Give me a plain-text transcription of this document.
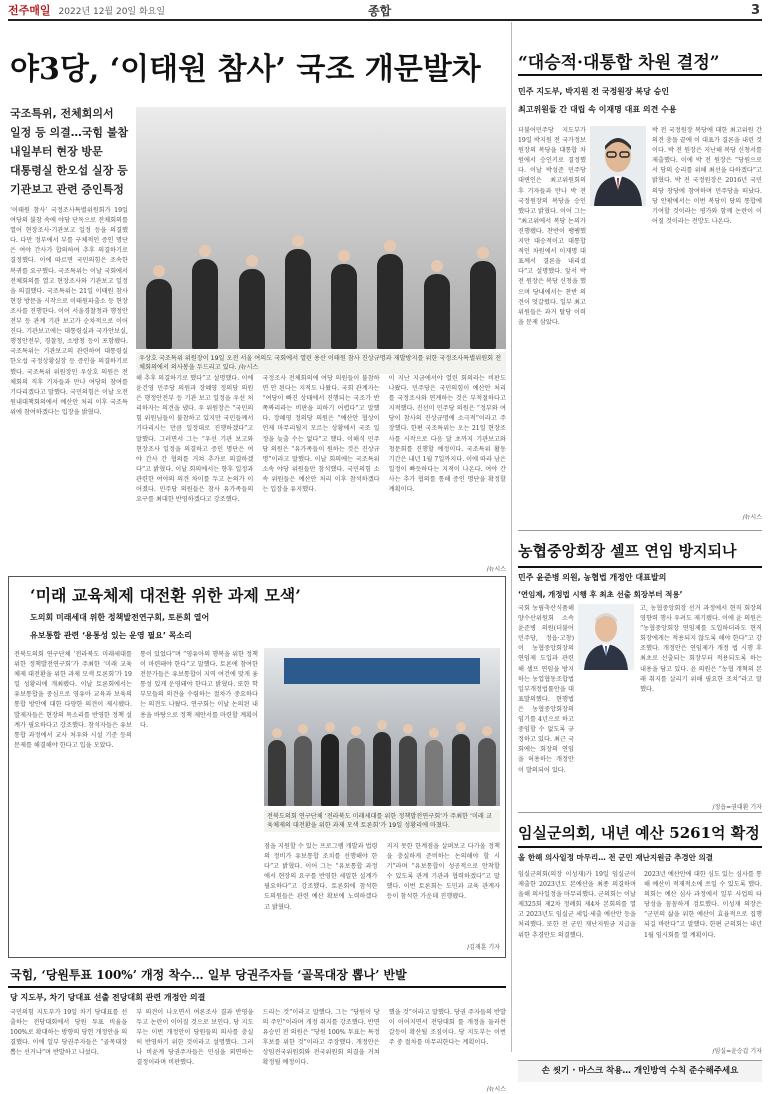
전주매일 2022년 12월 20일 화요일	종합	3
야3당, ‘이태원 참사’ 국조 개문발차
국조특위, 전체회의서
일정 등 의결…국힘 불참
내일부터 현장 방문
대통령실 한오섭 실장 등
기관보고 관련 증인특정
‘이태원 참사’ 국정조사특별위원회가 19일 여당의 불참 속에 야당 단독으로 전체회의를 열어 현장조사·기관보고 일정 등을 의결했다. 다만 정부에서 부를 구체적인 증인 명단은 여야 간사가 합의하여 추후 의결하기로 결정했다. 이에 따르면 국민의힘은 조속한 복귀를 요구했다. 국조특위는 이날 국회에서 전체회의를 열고 현장조사와 기관보고 일정을 의결했다. 국조특위는 21일 이태원 참사 현장 방문을 시작으로 이태원파출소 등 현장조사를 진행한다. 이어 서울경찰청과 행정안전부 등 관계 기관 보고가 순차적으로 이어진다. 기관보고에는 대통령실과 국가안보실, 행정안전부, 경찰청, 소방청 등이 포함됐다. 국조특위는 기관보고의 관련하여 대통령실 한오섭 국정상황실장 등 증인을 의결하기로 했다. 국조특위 위원장인 우상호 의원은 전체회의 직후 기자들과 만나 여당의 참여를 기다리겠다고 말했다. 국민의힘은 이날 오전 원내대책회의에서 예산안 처리 이후 국조특위에 참여하겠다는 입장을 밝혔다.
우상호 국조특위 위원장이 19일 오전 서울 여의도 국회에서 열린 용산 이태원 참사 진상규명과 재발방지를 위한 국정조사특별위원회 전체회의에서 의사봉을 두드리고 있다. /뉴시스
해 추후 의결하기로 했다”고 설명했다. 이에 윤건영 민주당 의원과 장혜영 정의당 의원은 행정안전부 등 기관 보고 일정을 우선 처리하자는 의견을 냈다. 우 위원장은 “국민의힘 위원님들이 불참하고 있지만 국민들께서 기다리시는 만큼 일정대로 진행하겠다”고 말했다. 그러면서 그는 “우선 기관 보고와 현장조사 일정을 의결하고 증인 명단은 여야 간사 간 협의를 거쳐 추가로 의결하겠다”고 밝혔다. 이날 회의에서는 향후 일정과 관련한 여야의 의견 차이를 두고 논의가 이어졌다. 민주당 의원들은 참사 유가족들의 요구를 최대한 반영하겠다고 강조했다.
국정조사 전체회의에 여당 의원들이 불참하면 안 된다는 지적도 나왔다. 국회 관계자는 “여당이 빠진 상태에서 진행되는 국조가 반쪽짜리라는 비판을 피하기 어렵다”고 말했다. 장혜영 정의당 의원은 “예산안 협상이 언제 마무리될지 모르는 상황에서 국조 일정을 늦출 수는 없다”고 했다. 이해식 민주당 의원은 “유가족들이 원하는 것은 진상규명”이라고 말했다. 이날 회의에는 국조특위 소속 야당 위원들만 참석했다. 국민의힘 소속 위원들은 예산안 처리 이후 참석하겠다는 입장을 유지했다.
이 지난 지금에서야 열린 회의라는 비판도 나왔다. 민주당은 국민의힘이 예산안 처리를 국정조사와 연계하는 것은 부적절하다고 지적했다. 진선미 민주당 의원은 “정부와 여당이 참사의 진상규명에 소극적”이라고 주장했다. 한편 국조특위는 오는 21일 현장조사를 시작으로 다음 달 초까지 기관보고와 청문회를 진행할 예정이다. 국조특위 활동 기간은 내년 1월 7일까지다. 이에 따라 남은 일정이 빠듯하다는 지적이 나온다. 여야 간사는 추가 협의를 통해 증인 명단을 확정할 계획이다.
/뉴시스
“대승적·대통합 차원 결정”
민주 지도부, 박지원 전 국정원장 복당 승인
최고위원들 간 대립 속 이재명 대표 의견 수용
더불어민주당 지도부가 19일 박지원 전 국가정보원장의 복당을 대통합 차원에서 승인키로 결정했다. 이날 박성준 민주당 대변인은 최고위원회의 후 기자들과 만나 박 전 국정원장의 복당을 승인했다고 밝혔다. 이어 그는 “최고위에서 복당 논의가 진행됐다. 찬반이 팽팽했지만 대승적이고 대통합적인 차원에서 이재명 대표께서 결론을 내리셨다”고 설명했다. 앞서 박 전 원장은 복당 신청을 했으며 당내에서는 찬반 의견이 엇갈렸다. 일부 최고위원들은 과거 탈당 이력을 문제 삼았다.
박 전 국정원장 복당에 대한 최고위원 간 의견 충돌 끝에 이 대표가 결론을 내린 것이다. 박 전 원장은 지난해 복당 신청서를 제출했다. 이에 박 전 원장은 “당원으로서 당의 승리를 위해 최선을 다하겠다”고 밝혔다. 박 전 국정원장은 2016년 국민의당 창당에 참여하며 민주당을 떠났다. 당 안팎에서는 이번 복당이 당의 통합에 기여할 것이라는 평가와 함께 논란이 이어질 것이라는 전망도 나온다.
/뉴시스
농협중앙회장 셀프 연임 방지되나
민주 윤준병 의원, 농협법 개정안 대표발의
‘연임제, 개정법 시행 후 최초 선출 회장부터 적용’
국회 농림축산식품해양수산위원회 소속 윤준병 의원(더불어민주당, 정읍·고창)이 농협중앙회장의 연임제 도입과 관련해 셀프 연임을 방지하는 농업협동조합법 일부개정법률안을 대표발의했다. 현행법은 농협중앙회장의 임기를 4년으로 하고 중임할 수 없도록 규정하고 있다. 최근 국회에는 회장의 연임을 허용하는 개정안이 발의되어 있다.
고, 농협중앙회장 선거 과정에서 현직 회장의 영향력 행사 우려도 제기됐다. 이에 윤 의원은 “농협중앙회장 연임제를 도입하더라도 현직 회장에게는 적용되지 않도록 해야 한다”고 강조했다. 개정안은 연임제가 개정 법 시행 후 최초로 선출되는 회장부터 적용되도록 하는 내용을 담고 있다. 윤 의원은 “농협 개혁의 본래 취지를 살리기 위해 필요한 조치”라고 말했다.
/정읍=권대환 기자
‘미래 교육체제 대전환 위한 과제 모색’
도의회 미래세대 위한 정책발전연구회, 토론회 열어
유보통합 관련 ‘용통성 있는 운영 필요’ 목소리
전북도의회 연구단체 ‘전라북도 미래세대를 위한 정책발전연구회’가 주최한 ‘미래 교육체제 대전환을 위한 과제 모색 토론회’가 19일 성황리에 개최됐다. 이날 토론회에서는 유보통합을 중심으로 영유아 교육과 보육의 통합 방안에 대한 다양한 의견이 제시됐다. 발제자들은 현장의 목소리를 반영한 정책 설계가 필요하다고 강조했다. 참석자들은 유보통합 과정에서 교사 처우와 시설 기준 등의 문제를 해결해야 한다고 입을 모았다.
통이 있었다”며 “영유아의 행복을 위한 정책이 마련돼야 한다”고 말했다. 토론에 참여한 전문가들은 유보통합이 지역 여건에 맞게 융통성 있게 운영돼야 한다고 밝혔다. 또한 학부모들의 의견을 수렴하는 절차가 중요하다는 의견도 나왔다. 연구회는 이날 논의된 내용을 바탕으로 정책 제안서를 마련할 계획이다.
전북도의회 연구단체 ‘전라북도 미래세대를 위한 정책발전연구회’가 주최한 ‘미래 교육체제의 대전환을 위한 과제 모색 토론회’가 19일 성황리에 마쳤다.
점을 지원할 수 있는 프로그램 개발과 법령의 정비가 유보통합 조치를 선행해야 한다”고 밝혔다. 이어 그는 “유보통합 과정에서 현장의 요구를 반영한 세밀한 설계가 필요하다”고 강조했다. 토론회에 참석한 도의원들은 관련 예산 확보에 노력하겠다고 밝혔다.
지지 못한 한계점을 살펴보고 다가올 정책을 충실하게 준비하는 논의해야 할 시기”라며 “유보통합이 성공적으로 안착할 수 있도록 관계 기관과 협력하겠다”고 말했다. 이번 토론회는 도민과 교육 관계자 등이 참석한 가운데 진행됐다.
/김재훈 기자
임실군의회, 내년 예산 5261억 확정
올 한해 의사일정 마무리… 전 군민 재난지원금 추경안 의결
임실군의회(의장 이성재)가 19일 임실군이 제출한 2023년도 본예산을 최종 의결하며 올해 의사일정을 마무리했다. 군의회는 이날 제325회 제2차 정례회 제4차 본회의를 열고 2023년도 임실군 세입·세출 예산안 등을 처리했다. 또한 전 군민 재난지원금 지급을 위한 추경안도 의결했다.
2023년 예산안에 대한 심도 있는 심사를 통해 예산이 적재적소에 쓰일 수 있도록 했다. 의회는 예산 심사 과정에서 일부 사업의 타당성을 꼼꼼하게 검토했다. 이성재 의장은 “군민의 삶을 위한 예산이 효율적으로 집행되길 바란다”고 말했다. 한편 군의회는 내년 1월 임시회를 열 계획이다.
/임실=윤승갑 기자
국힘, ‘당원투표 100%’ 개정 착수… 일부 당권주자들 ‘골목대장 뽑나’ 반발
당 지도부, 차기 당대표 선출 전당대회 관련 개정안 의결
국민의힘 지도부가 19일 차기 당대표를 선출하는 전당대회에서 당원 투표 비율을 100%로 확대하는 방향의 당헌 개정안을 의결했다. 이에 일부 당권주자들은 “골목대장 뽑는 선거냐”며 반발하고 나섰다.
부 의견이 나오면서 여론조사 결과 반영을 두고 논란이 이어질 것으로 보인다. 당 지도부는 이번 개정안이 당원들의 의사를 충실히 반영하기 위한 것이라고 설명했다. 그러나 비윤계 당권주자들은 민심을 외면하는 결정이라며 비판했다.
드리는 것”이라고 말했다. 그는 “당원이 당의 주인”이라며 개정 취지를 강조했다. 반면 유승민 전 의원은 “당원 100% 투표는 특정 후보를 위한 것”이라고 주장했다. 개정안은 상임전국위원회와 전국위원회 의결을 거쳐 확정될 예정이다.
했을 것”이라고 말했다. 당권 주자들의 반발이 이어지면서 전당대회 룰 개정을 둘러싼 갈등이 확산될 조짐이다. 당 지도부는 이번 주 중 절차를 마무리한다는 계획이다.
/뉴시스
손 씻기 · 마스크 착용… 개인방역 수칙 준수해주세요
